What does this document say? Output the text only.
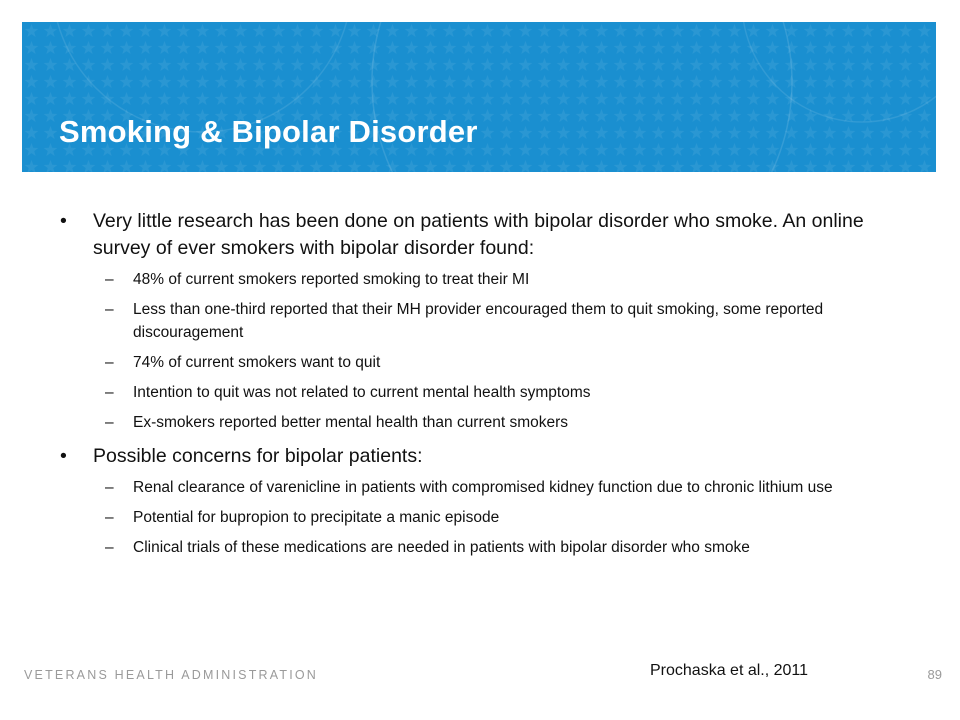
Smoking & Bipolar Disorder
• Very little research has been done on patients with bipolar disorder who smoke. An online survey of ever smokers with bipolar disorder found:
– 48% of current smokers reported smoking to treat their MI
– Less than one-third reported that their MH provider encouraged them to quit smoking, some reported discouragement
– 74% of current smokers want to quit
– Intention to quit was not related to current mental health symptoms
– Ex-smokers reported better mental health than current smokers
• Possible concerns for bipolar patients:
– Renal clearance of varenicline in patients with compromised kidney function due to chronic lithium use
– Potential for bupropion to precipitate a manic episode
– Clinical trials of these medications are needed in patients with bipolar disorder who smoke
VETERANS HEALTH ADMINISTRATION	Prochaska et al., 2011	89
